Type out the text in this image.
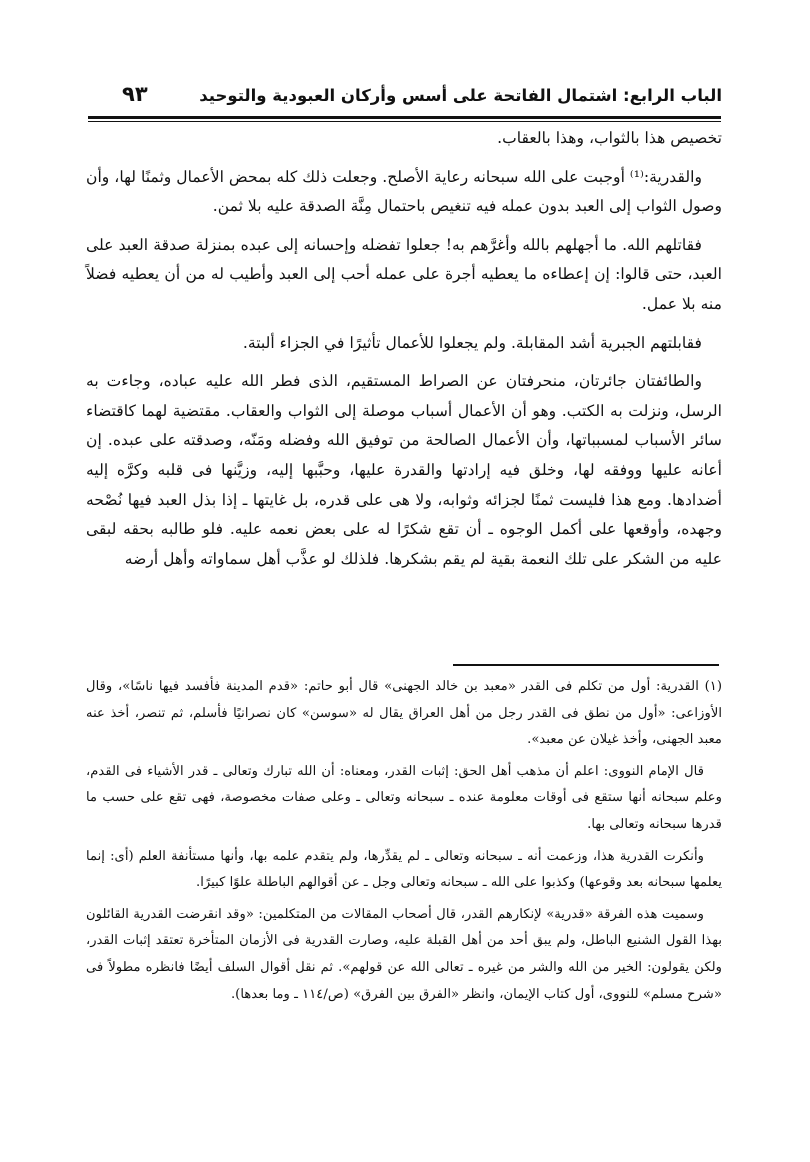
الباب الرابع: اشتمال الفاتحة على أسس وأركان العبودية والتوحيد
٩٣

تخصيص هذا بالثواب، وهذا بالعقاب.

والقدرية:⁽¹⁾ أوجبت على الله سبحانه رعاية الأصلح. وجعلت ذلك كله بمحض الأعمال وثمنًا لها، وأن وصول الثواب إلى العبد بدون عمله فيه تنغيص باحتمال مِنَّة الصدقة عليه بلا ثمن.

فقاتلهم الله. ما أجهلهم بالله وأغرَّهم به! جعلوا تفضله وإحسانه إلى عبده بمنزلة صدقة العبد على العبد، حتى قالوا: إن إعطاءه ما يعطيه أجرة على عمله أحب إلى العبد وأطيب له من أن يعطيه فضلاً منه بلا عمل.

فقابلتهم الجبرية أشد المقابلة. ولم يجعلوا للأعمال تأثيرًا في الجزاء ألبتة.

والطائفتان جائرتان، منحرفتان عن الصراط المستقيم، الذى فطر الله عليه عباده، وجاءت به الرسل، ونزلت به الكتب. وهو أن الأعمال أسباب موصلة إلى الثواب والعقاب. مقتضية لهما كاقتضاء سائر الأسباب لمسبباتها، وأن الأعمال الصالحة من توفيق الله وفضله ومَنّه، وصدقته على عبده. إن أعانه عليها ووفقه لها، وخلق فيه إرادتها والقدرة عليها، وحبَّبها إليه، وزيَّنها فى قلبه وكرَّه إليه أضدادها. ومع هذا فليست ثمنًا لجزائه وثوابه، ولا هى على قدره، بل غايتها ـ إذا بذل العبد فيها نُصْحه وجهده، وأوقعها على أكمل الوجوه ـ أن تقع شكرًا له على بعض نعمه عليه. فلو طالبه بحقه لبقى عليه من الشكر على تلك النعمة بقية لم يقم بشكرها. فلذلك لو عذَّب أهل سماواته وأهل أرضه

(١) القدرية: أول من تكلم فى القدر «معبد بن خالد الجهنى» قال أبو حاتم: «قدم المدينة فأفسد فيها ناسًا»، وقال الأوزاعى: «أول من نطق فى القدر رجل من أهل العراق يقال له «سوسن» كان نصرانيًا فأسلم، ثم تنصر، أخذ عنه معبد الجهنى، وأخذ غيلان عن معبد».

قال الإمام النووى: اعلم أن مذهب أهل الحق: إثبات القدر، ومعناه: أن الله تبارك وتعالى ـ قدر الأشياء فى القدم، وعلم سبحانه أنها ستقع فى أوقات معلومة عنده ـ سبحانه وتعالى ـ وعلى صفات مخصوصة، فهى تقع على حسب ما قدرها سبحانه وتعالى بها.

وأنكرت القدرية هذا، وزعمت أنه ـ سبحانه وتعالى ـ لم يقدِّرها، ولم يتقدم علمه بها، وأنها مستأنفة العلم (أى: إنما يعلمها سبحانه بعد وقوعها) وكذبوا على الله ـ سبحانه وتعالى وجل ـ عن أقوالهم الباطلة علوًا كبيرًا.

وسميت هذه الفرقة «قدرية» لإنكارهم القدر، قال أصحاب المقالات من المتكلمين: «وقد انقرضت القدرية القائلون بهذا القول الشنيع الباطل، ولم يبق أحد من أهل القبلة عليه، وصارت القدرية فى الأزمان المتأخرة تعتقد إثبات القدر، ولكن يقولون: الخير من الله والشر من غيره ـ تعالى الله عن قولهم». ثم نقل أقوال السلف أيضًا فانظره مطولاً فى «شرح مسلم» للنووى، أول كتاب الإيمان، وانظر «الفرق بين الفرق» (ص/١١٤ ـ وما بعدها).
